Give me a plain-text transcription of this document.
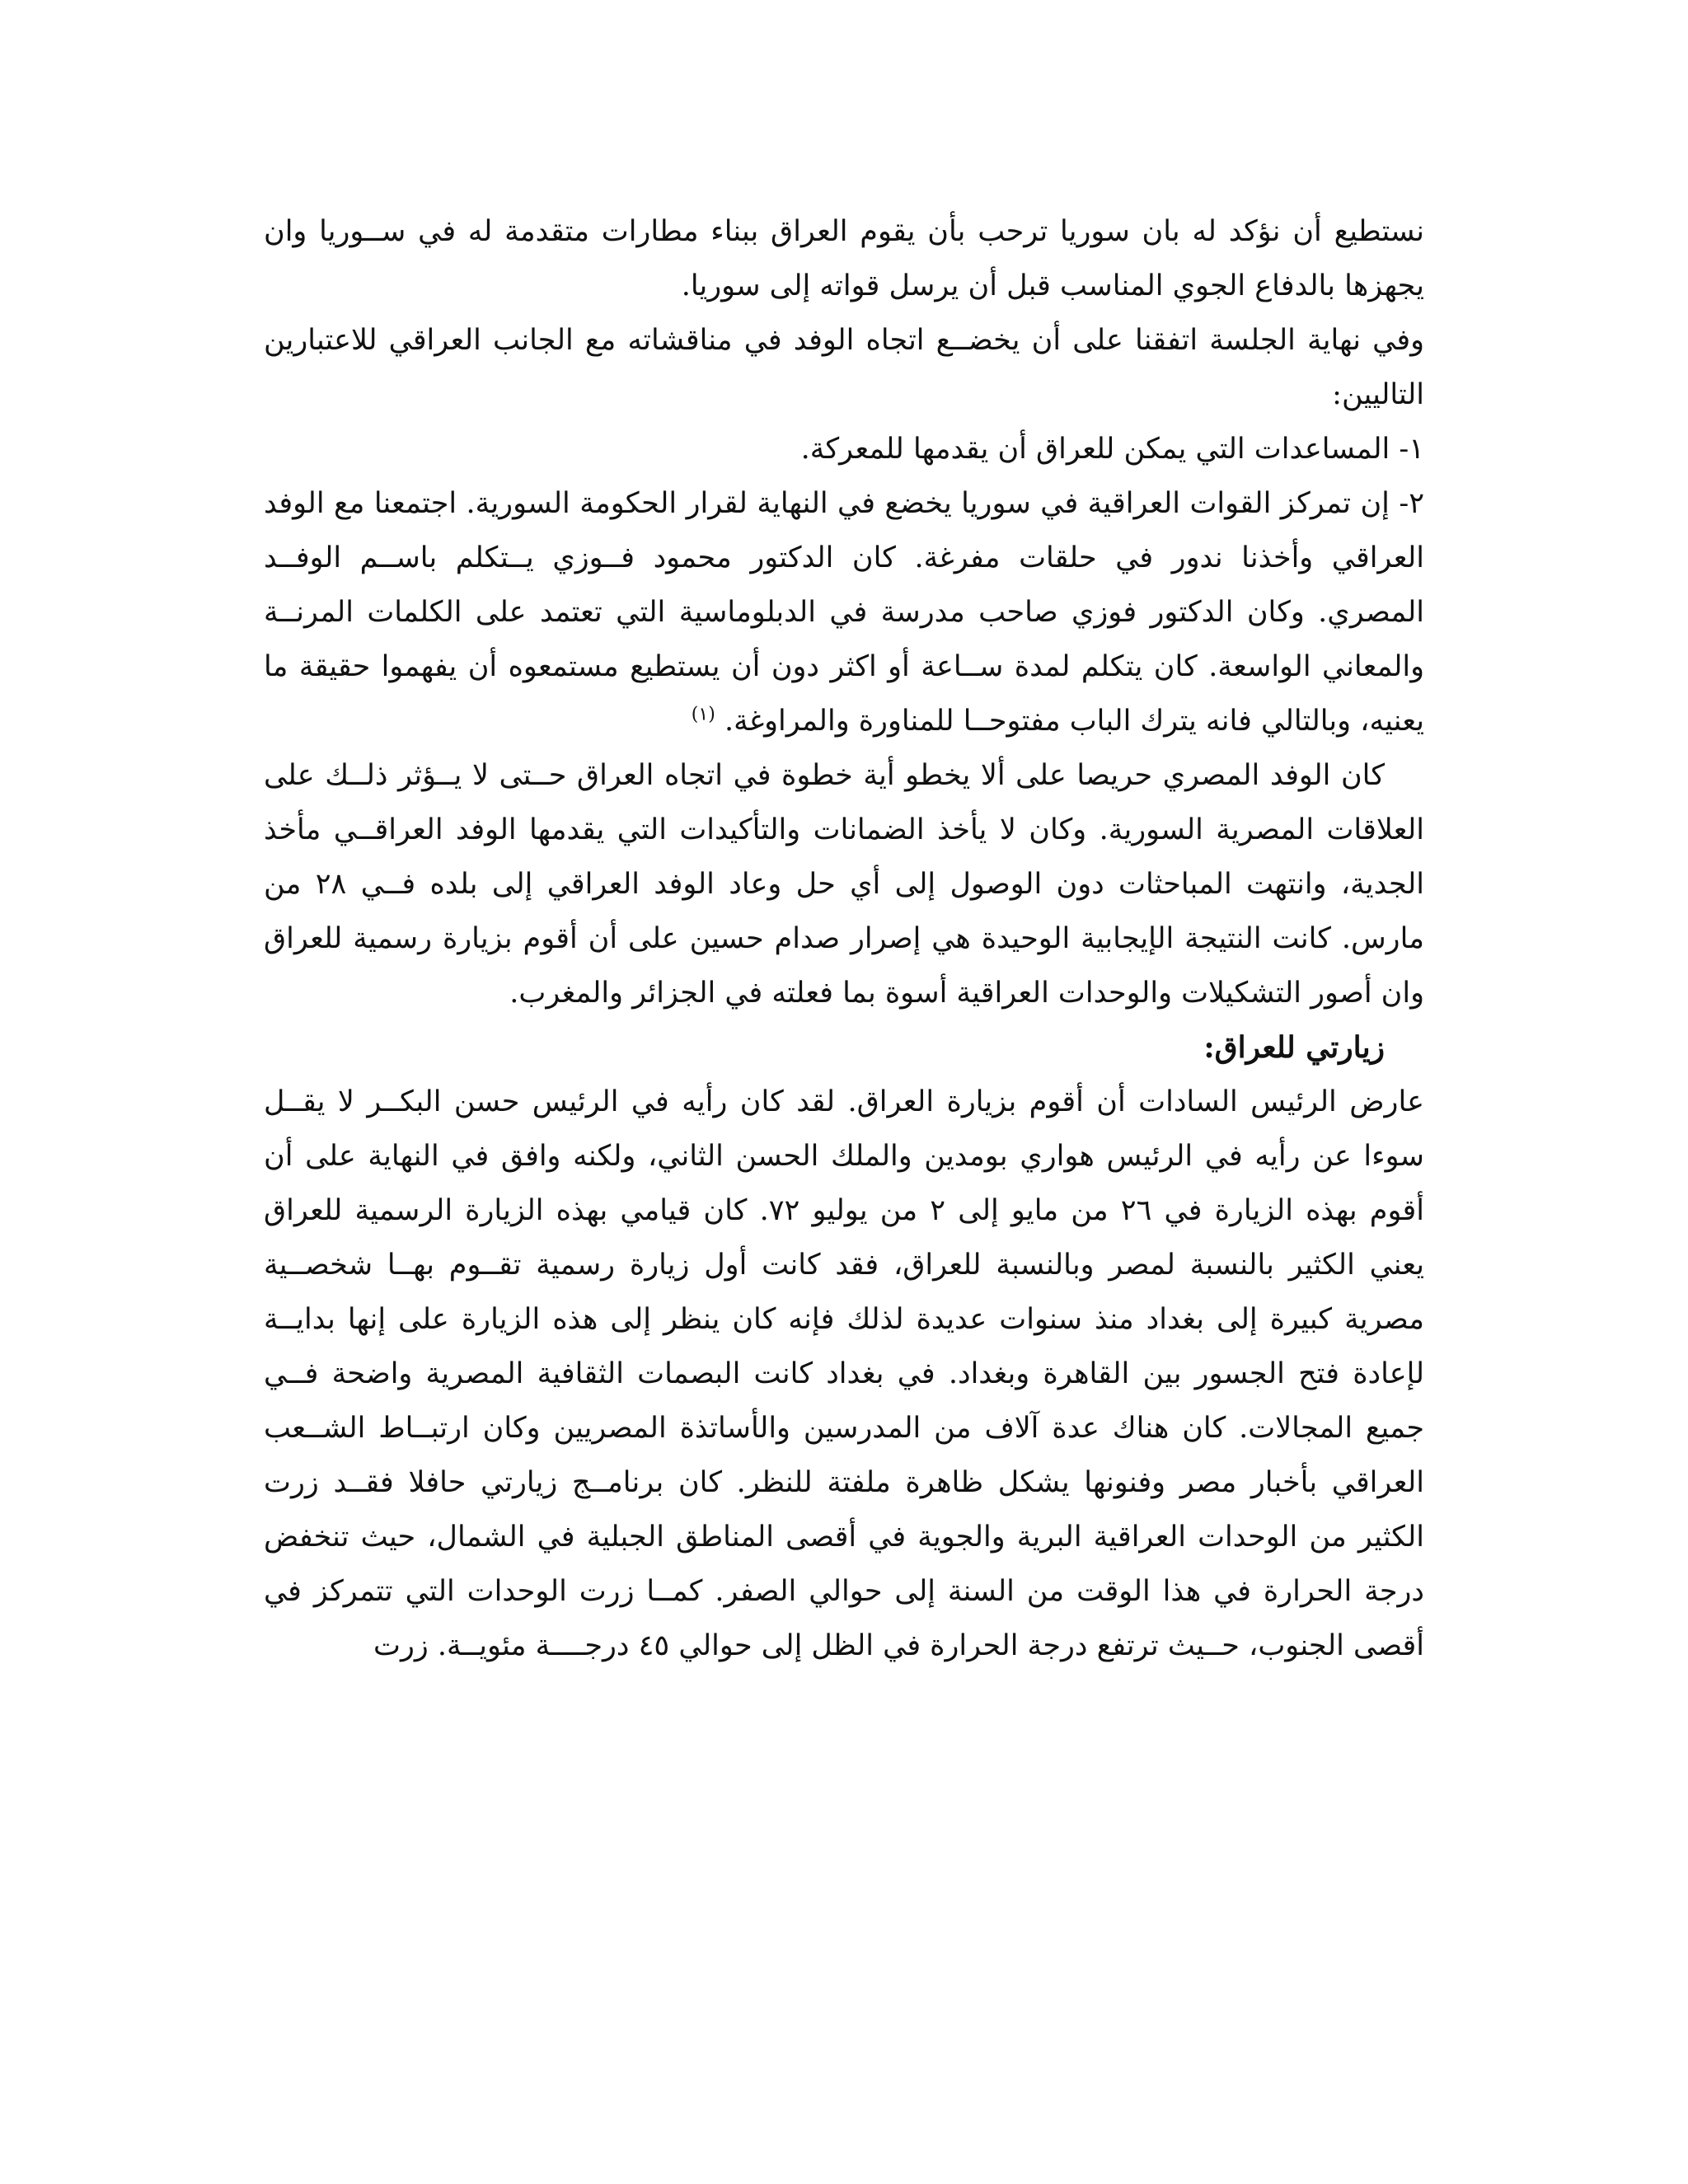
نستطيع أن نؤكد له بان سوريا ترحب بأن يقوم العراق ببناء مطارات متقدمة له في ســوريا وان يجهزها بالدفاع الجوي المناسب قبل أن يرسل قواته إلى سوريا.

وفي نهاية الجلسة اتفقنا على أن يخضــع اتجاه الوفد في مناقشاته مع الجانب العراقي للاعتبارين التاليين:

١- المساعدات التي يمكن للعراق أن يقدمها للمعركة.

٢- إن تمركز القوات العراقية في سوريا يخضع في النهاية لقرار الحكومة السورية. اجتمعنا مع الوفد العراقي وأخذنا ندور في حلقات مفرغة. كان الدكتور محمود فــوزي يــتكلم باســم الوفــد المصري. وكان الدكتور فوزي صاحب مدرسة في الدبلوماسية التي تعتمد على الكلمات المرنــة والمعاني الواسعة. كان يتكلم لمدة ســاعة أو اكثر دون أن يستطيع مستمعوه أن يفهموا حقيقة ما يعنيه، وبالتالي فانه يترك الباب مفتوحــا للمناورة والمراوغة. $^{(١)}$

كان الوفد المصري حريصا على ألا يخطو أية خطوة في اتجاه العراق حــتى لا يــؤثر ذلــك على العلاقات المصرية السورية. وكان لا يأخذ الضمانات والتأكيدات التي يقدمها الوفد العراقــي مأخذ الجدية، وانتهت المباحثات دون الوصول إلى أي حل وعاد الوفد العراقي إلى بلده فــي ٢٨ من مارس. كانت النتيجة الإيجابية الوحيدة هي إصرار صدام حسين على أن أقوم بزيارة رسمية للعراق وان أصور التشكيلات والوحدات العراقية أسوة بما فعلته في الجزائر والمغرب.

زيارتي للعراق:

عارض الرئيس السادات أن أقوم بزيارة العراق. لقد كان رأيه في الرئيس حسن البكــر لا يقــل سوءا عن رأيه في الرئيس هواري بومدين والملك الحسن الثاني، ولكنه وافق في النهاية على أن أقوم بهذه الزيارة في ٢٦ من مايو إلى ٢ من يوليو ٧٢. كان قيامي بهذه الزيارة الرسمية للعراق يعني الكثير بالنسبة لمصر وبالنسبة للعراق، فقد كانت أول زيارة رسمية تقــوم بهــا شخصــية مصرية كبيرة إلى بغداد منذ سنوات عديدة لذلك فإنه كان ينظر إلى هذه الزيارة على إنها بدايــة لإعادة فتح الجسور بين القاهرة وبغداد. في بغداد كانت البصمات الثقافية المصرية واضحة فــي جميع المجالات. كان هناك عدة آلاف من المدرسين والأساتذة المصريين وكان ارتبــاط الشــعب العراقي بأخبار مصر وفنونها يشكل ظاهرة ملفتة للنظر. كان برنامــج زيارتي حافلا فقــد زرت الكثير من الوحدات العراقية البرية والجوية في أقصى المناطق الجبلية في الشمال، حيث تنخفض درجة الحرارة في هذا الوقت من السنة إلى حوالي الصفر. كمــا زرت الوحدات التي تتمركز في أقصى الجنوب، حــيث ترتفع درجة الحرارة في الظل إلى حوالي ٤٥ درجــــة مئويــة. زرت
